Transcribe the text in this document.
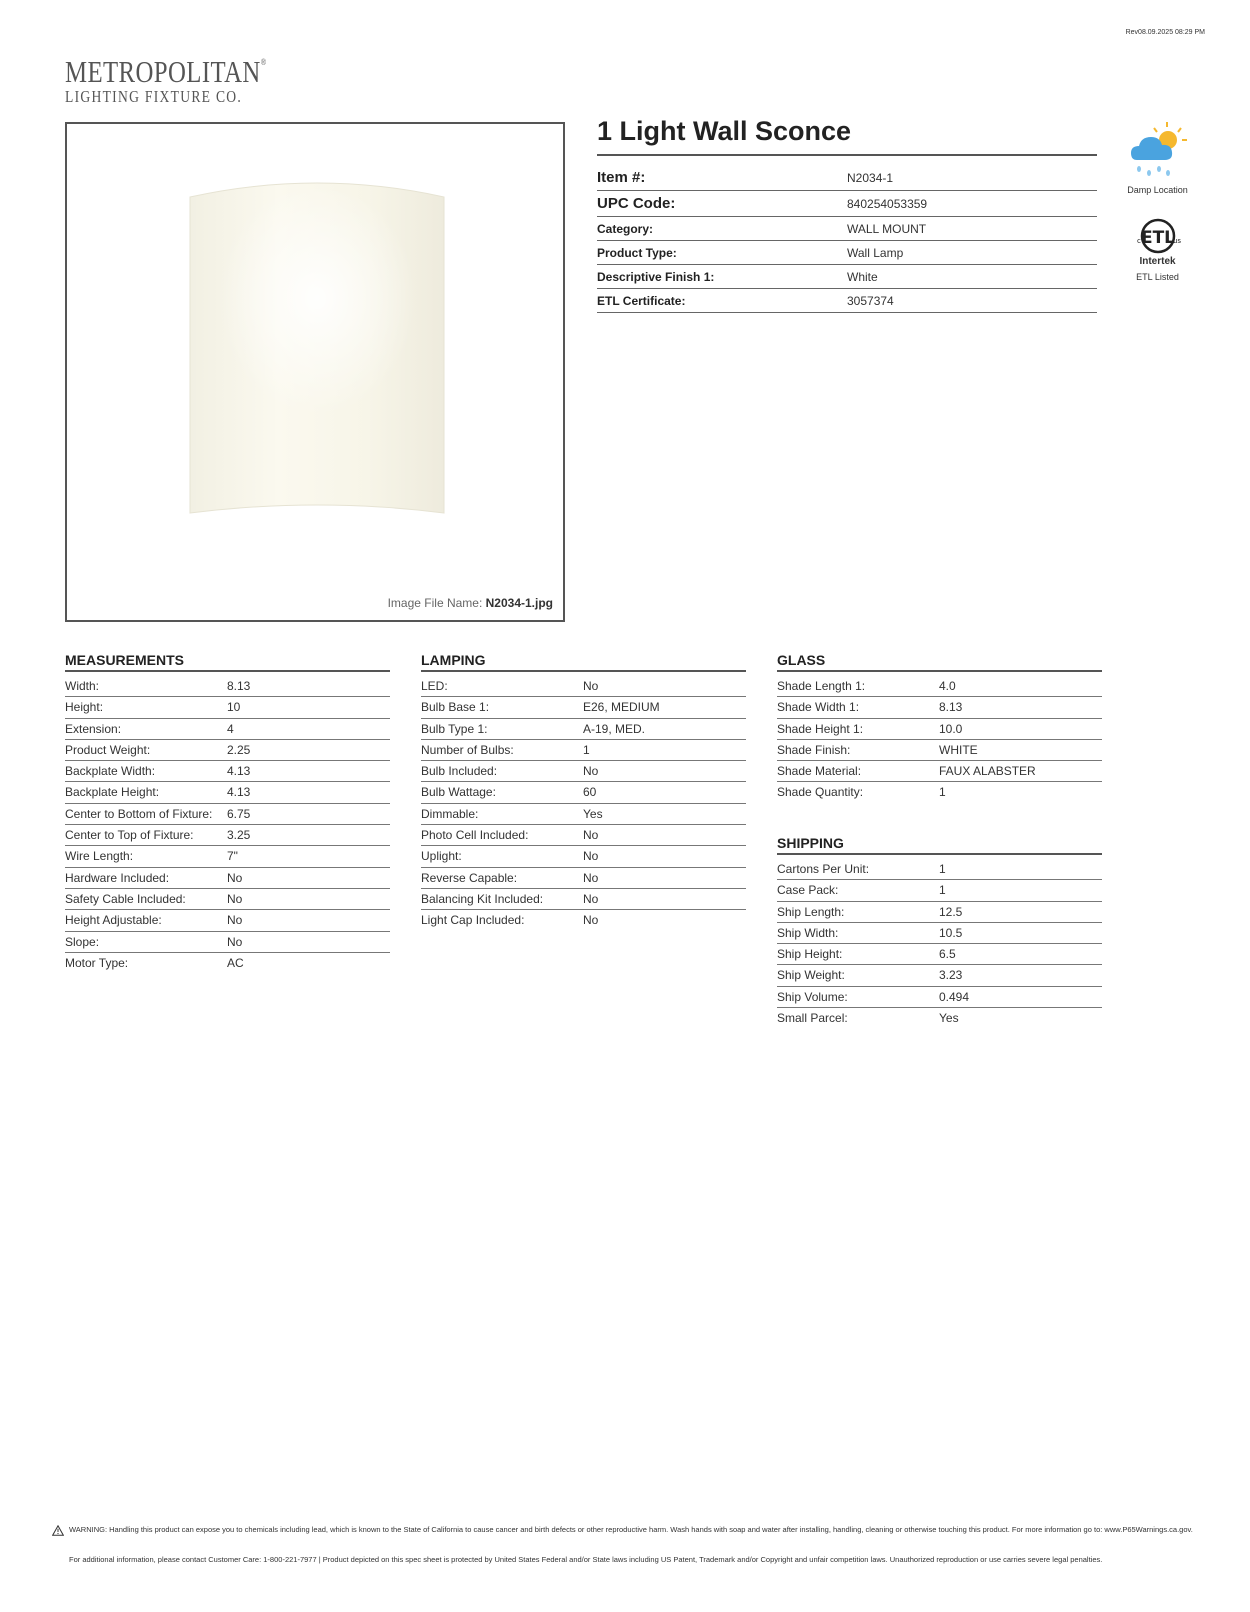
Rev08.09.2025 08:29 PM
METROPOLITAN®
LIGHTING FIXTURE CO.
Image File Name: N2034-1.jpg
1 Light Wall Sconce
Item #:	N2034-1
UPC Code:	840254053359
Category:	WALL MOUNT
Product Type:	Wall Lamp
Descriptive Finish 1:	White
ETL Certificate:	3057374
Damp Location
ETL
c	us
Intertek
ETL Listed
MEASUREMENTS
Width:	8.13
Height:	10
Extension:	4
Product Weight:	2.25
Backplate Width:	4.13
Backplate Height:	4.13
Center to Bottom of Fixture:	6.75
Center to Top of Fixture:	3.25
Wire Length:	7"
Hardware Included:	No
Safety Cable Included:	No
Height Adjustable:	No
Slope:	No
Motor Type:	AC
LAMPING
LED:	No
Bulb Base 1:	E26, MEDIUM
Bulb Type 1:	A-19, MED.
Number of Bulbs:	1
Bulb Included:	No
Bulb Wattage:	60
Dimmable:	Yes
Photo Cell Included:	No
Uplight:	No
Reverse Capable:	No
Balancing Kit Included:	No
Light Cap Included:	No
GLASS
Shade Length 1:	4.0
Shade Width 1:	8.13
Shade Height 1:	10.0
Shade Finish:	WHITE
Shade Material:	FAUX ALABSTER
Shade Quantity:	1
SHIPPING
Cartons Per Unit:	1
Case Pack:	1
Ship Length:	12.5
Ship Width:	10.5
Ship Height:	6.5
Ship Weight:	3.23
Ship Volume:	0.494
Small Parcel:	Yes
WARNING: Handling this product can expose you to chemicals including lead, which is known to the State of California to cause cancer and birth defects or other reproductive harm. Wash hands with soap and water after installing, handling, cleaning or otherwise touching this product. For more information go to: www.P65Warnings.ca.gov.
For additional information, please contact Customer Care: 1-800-221-7977 | Product depicted on this spec sheet is protected by United States Federal and/or State laws including US Patent, Trademark and/or Copyright and unfair competition laws. Unauthorized reproduction or use carries severe legal penalties.
